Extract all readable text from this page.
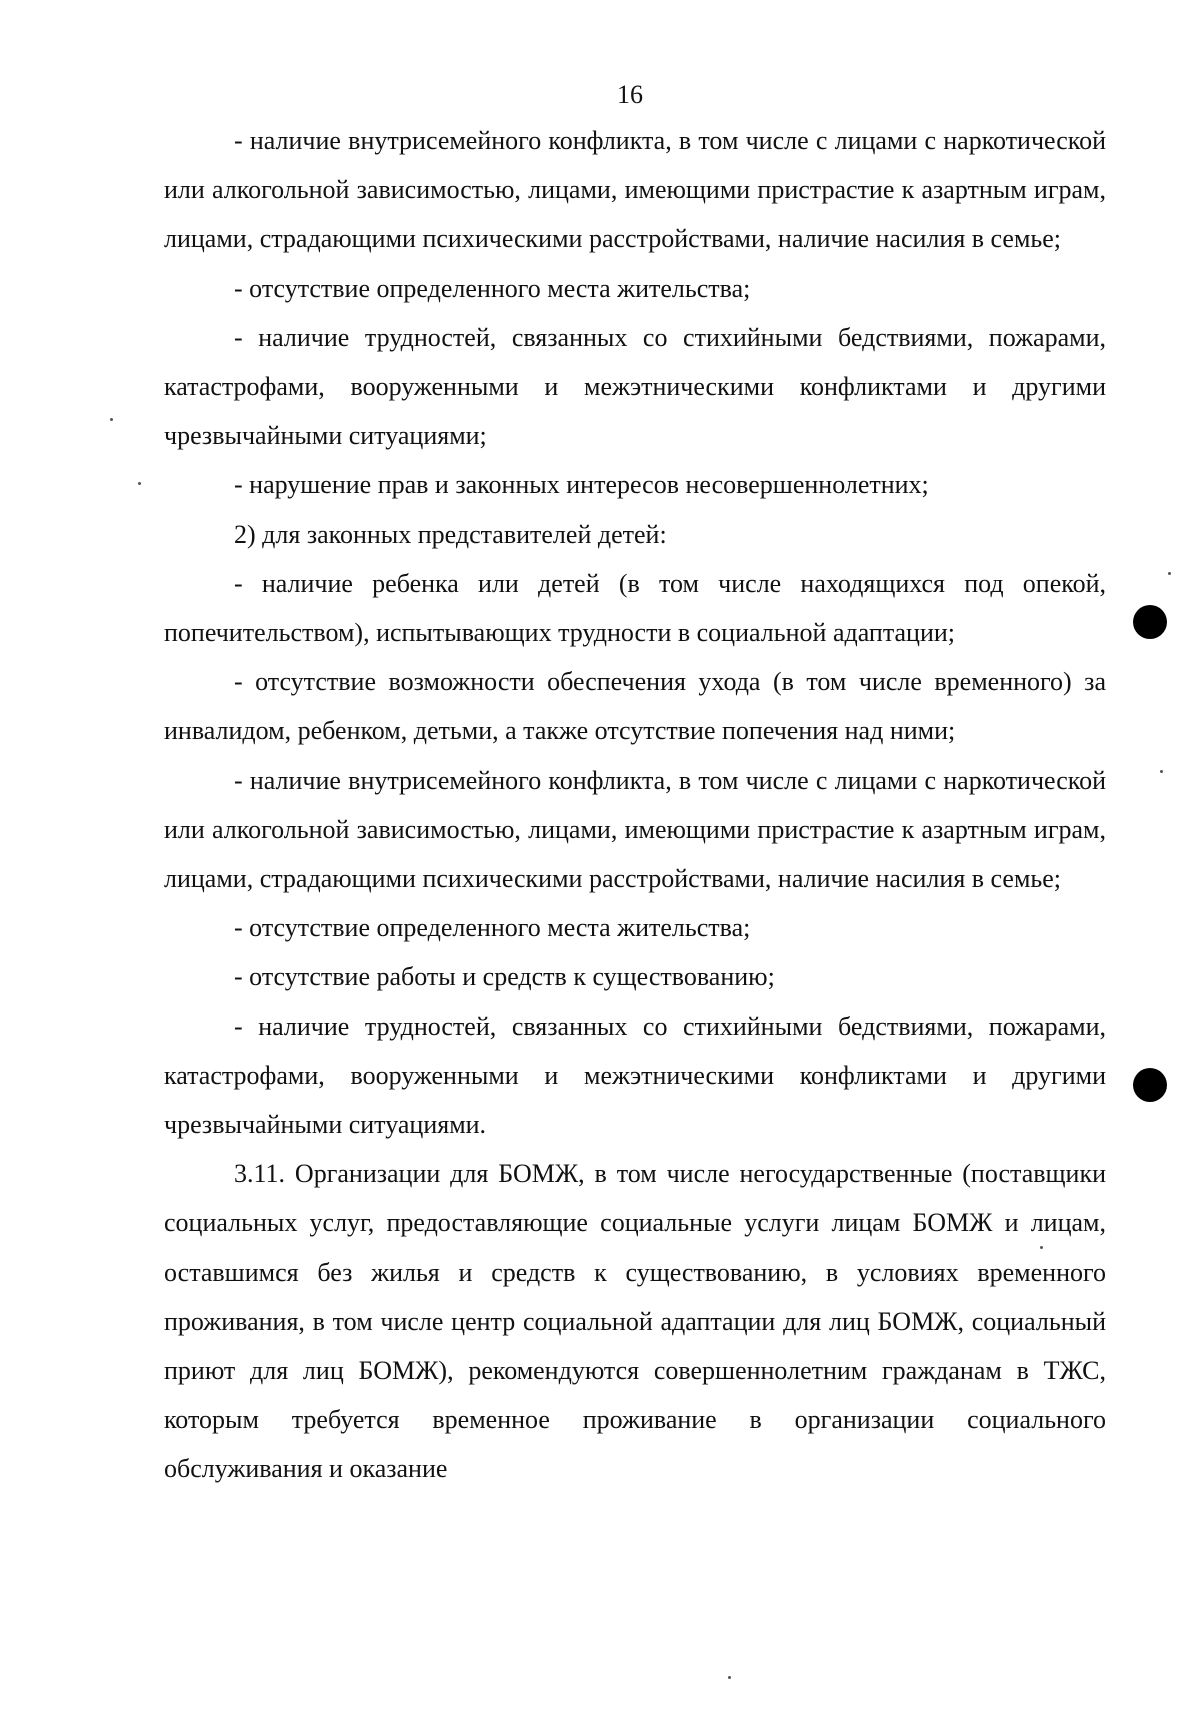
16

- наличие внутрисемейного конфликта, в том числе с лицами с наркотической или алкогольной зависимостью, лицами, имеющими пристрастие к азартным играм, лицами, страдающими психическими расстройствами, наличие насилия в семье;

- отсутствие определенного места жительства;

- наличие трудностей, связанных со стихийными бедствиями, пожарами, катастрофами, вооруженными и межэтническими конфликтами и другими чрезвычайными ситуациями;

- нарушение прав и законных интересов несовершеннолетних;

2) для законных представителей детей:

- наличие ребенка или детей (в том числе находящихся под опекой, попечительством), испытывающих трудности в социальной адаптации;

- отсутствие возможности обеспечения ухода (в том числе временного) за инвалидом, ребенком, детьми, а также отсутствие попечения над ними;

- наличие внутрисемейного конфликта, в том числе с лицами с наркотической или алкогольной зависимостью, лицами, имеющими пристрастие к азартным играм, лицами, страдающими психическими расстройствами, наличие насилия в семье;

- отсутствие определенного места жительства;

- отсутствие работы и средств к существованию;

- наличие трудностей, связанных со стихийными бедствиями, пожарами, катастрофами, вооруженными и межэтническими конфликтами и другими чрезвычайными ситуациями.

3.11. Организации для БОМЖ, в том числе негосударственные (поставщики социальных услуг, предоставляющие социальные услуги лицам БОМЖ и лицам, оставшимся без жилья и средств к существованию, в условиях временного проживания, в том числе центр социальной адаптации для лиц БОМЖ, социальный приют для лиц БОМЖ), рекомендуются совершеннолетним гражданам в ТЖС, которым требуется временное проживание в организации социального обслуживания и оказание
